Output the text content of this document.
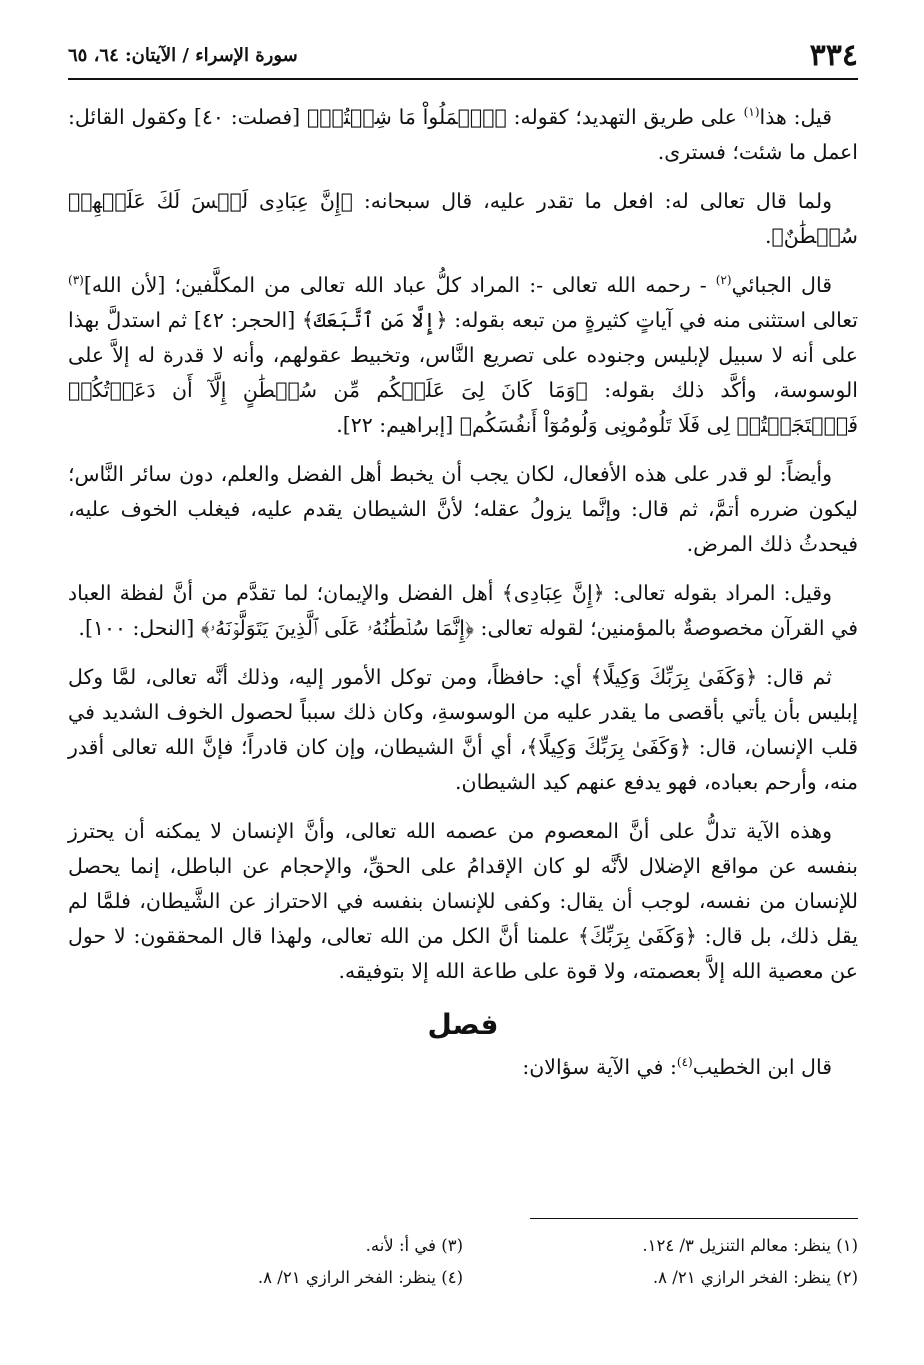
٣٣٤
سورة الإسراء / الآيتان: ٦٤، ٦٥

قيل: هذا$^{(١)}$ على طريق التهديد؛ كقوله: ﴿ٱعۡمَلُواْ مَا شِئۡتُمۡ﴾ [فصلت: ٤٠] وكقول القائل: اعمل ما شئت؛ فسترى.

ولما قال تعالى له: افعل ما تقدر عليه، قال سبحانه: ﴿إِنَّ عِبَادِى لَيۡسَ لَكَ عَلَيۡهِمۡ سُلۡطَٰنٌ﴾.

قال الجبائي$^{(٢)}$ - رحمه الله تعالى -: المراد كلُّ عباد الله تعالى من المكلَّفين؛ [لأن الله]$^{(٣)}$ تعالى استثنى منه في آياتٍ كثيرةٍ من تبعه بقوله: ﴿إِلَّا مَنِ ٱتَّبَعَكَ﴾ [الحجر: ٤٢] ثم استدلَّ بهذا على أنه لا سبيل لإبليس وجنوده على تصريع النَّاس، وتخبيط عقولهم، وأنه لا قدرة له إلاَّ على الوسوسة، وأكَّد ذلك بقوله: ﴿وَمَا كَانَ لِىَ عَلَيۡكُم مِّن سُلۡطَٰنٍ إِلَّآ أَن دَعَوۡتُكُمۡ فَٱسۡتَجَبۡتُمۡ لِى فَلَا تَلُومُونِى وَلُومُوٓاْ أَنفُسَكُم﴾ [إبراهيم: ٢٢].

وأيضاً: لو قدر على هذه الأفعال، لكان يجب أن يخبط أهل الفضل والعلم، دون سائر النَّاس؛ ليكون ضرره أتمَّ، ثم قال: وإنَّما يزولُ عقله؛ لأنَّ الشيطان يقدم عليه، فيغلب الخوف عليه، فيحدثُ ذلك المرض.

وقيل: المراد بقوله تعالى: ﴿إِنَّ عِبَادِى﴾ أهل الفضل والإيمان؛ لما تقدَّم من أنَّ لفظة العباد في القرآن مخصوصةٌ بالمؤمنين؛ لقوله تعالى: ﴿إِنَّمَا سُلۡطَٰنُهُۥ عَلَى ٱلَّذِينَ يَتَوَلَّوۡنَهُۥ﴾ [النحل: ١٠٠].

ثم قال: ﴿وَكَفَىٰ بِرَبِّكَ وَكِيلًا﴾ أي: حافظاً، ومن توكل الأمور إليه، وذلك أنَّه تعالى، لمَّا وكل إبليس بأن يأتي بأقصى ما يقدر عليه من الوسوسةِ، وكان ذلك سبباً لحصول الخوف الشديد في قلب الإنسان، قال: ﴿وَكَفَىٰ بِرَبِّكَ وَكِيلًا﴾، أي أنَّ الشيطان، وإن كان قادراً؛ فإنَّ الله تعالى أقدر منه، وأرحم بعباده، فهو يدفع عنهم كيد الشيطان.

وهذه الآية تدلُّ على أنَّ المعصوم من عصمه الله تعالى، وأنَّ الإنسان لا يمكنه أن يحترز بنفسه عن مواقع الإضلال لأنَّه لو كان الإقدامُ على الحقِّ، والإحجام عن الباطل، إنما يحصل للإنسان من نفسه، لوجب أن يقال: وكفى للإنسان بنفسه في الاحتراز عن الشَّيطان، فلمَّا لم يقل ذلك، بل قال: ﴿وَكَفَىٰ بِرَبِّكَ﴾ علمنا أنَّ الكل من الله تعالى، ولهذا قال المحققون: لا حول عن معصية الله إلاَّ بعصمته، ولا قوة على طاعة الله إلا بتوفيقه.

فصل

قال ابن الخطيب$^{(٤)}$: في الآية سؤالان:

(١) ينظر: معالم التنزيل ٣/ ١٢٤.
(٣) في أ: لأنه.
(٢) ينظر: الفخر الرازي ٢١/ ٨.
(٤) ينظر: الفخر الرازي ٢١/ ٨.
